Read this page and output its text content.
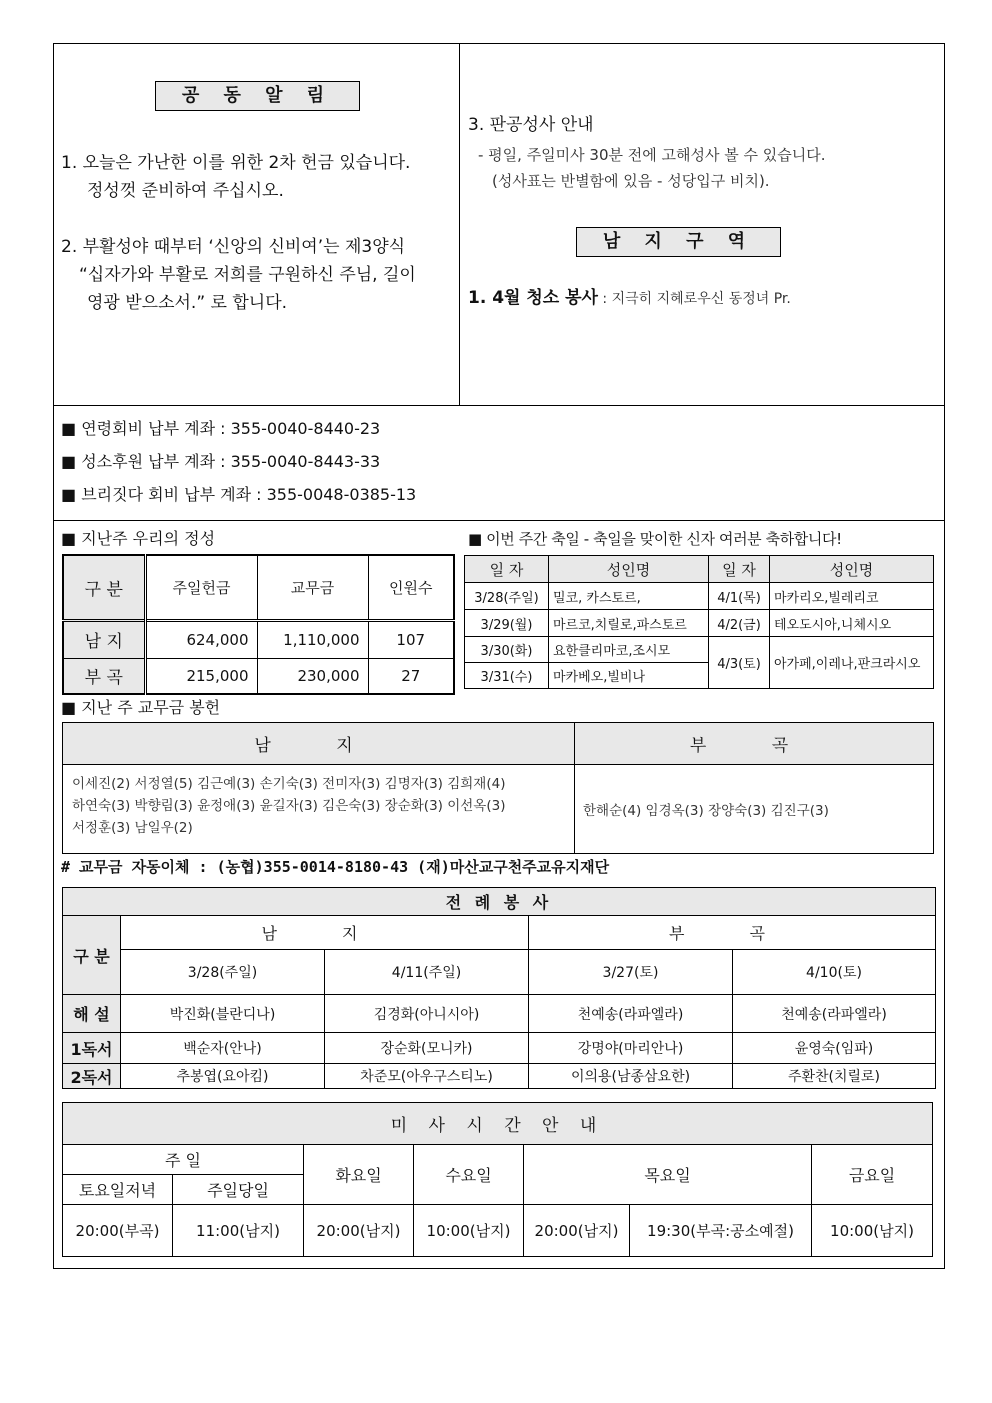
공 동 알 림
1. 오늘은 가난한 이를 위한 2차 헌금 있습니다.
정성껏 준비하여 주십시오.
2. 부활성야 때부터 ‘신앙의 신비여’는 제3양식
“십자가와 부활로 저희를 구원하신 주님, 길이
영광 받으소서.” 로 합니다.
3. 판공성사 안내
- 평일, 주일미사 30분 전에 고해성사 볼 수 있습니다.
(성사표는 반별함에 있음 - 성당입구 비치).
남 지 구 역
1. 4월 청소 봉사 : 지극히 지혜로우신 동정녀 Pr.
■ 연령회비 납부 계좌 : 355-0040-8440-23
■ 성소후원 납부 계좌 : 355-0040-8443-33
■ 브리짓다 회비 납부 계좌 : 355-0048-0385-13
■ 지난주 우리의 정성
구 분	주일헌금	교무금	인원수
남 지	624,000	1,110,000	107
부 곡	215,000	230,000	27
■ 이번 주간 축일 - 축일을 맞이한 신자 여러분 축하합니다!
일 자	성인명	일 자	성인명
3/28(주일)	밀코, 카스토르,	4/1(목)	마카리오,빌레리코
3/29(월)	마르코,치릴로,파스토르	4/2(금)	테오도시아,니체시오
3/30(화)	요한클리마코,조시모	4/3(토)	아가페,이레나,판크라시오
3/31(수)	마카베오,빌비나		
■ 지난 주 교무금 봉헌
남 지	부 곡

이세진(2) 서정열(5) 김근예(3) 손기숙(3) 전미자(3) 김명자(3) 김희재(4)
하연숙(3) 박향림(3) 윤정애(3) 윤길자(3) 김은숙(3) 장순화(3) 이선옥(3)
서정훈(3) 남일우(2)	한해순(4) 임경옥(3) 장양숙(3) 김진구(3)
# 교무금 자동이체 : (농협)355-0014-8180-43 (재)마산교구천주교유지재단
전 례 봉 사				
구 분	남 지		부 곡	
	3/28(주일)	4/11(주일)	3/27(토)	4/10(토)
해 설	박진화(블란디나)	김경화(아니시아)	천예송(라파엘라)	천예송(라파엘라)
1독서	백순자(안나)	장순화(모니카)	강명야(마리안나)	윤영숙(임파)
2독서	추봉엽(요아킴)	차준모(아우구스티노)	이의용(남종삼요한)	주환찬(치릴로)
미 사 시 간 안 내						
주 일		화요일	수요일	목요일		금요일
토요일저녁	주일당일					
20:00(부곡)	11:00(남지)	20:00(남지)	10:00(남지)	20:00(남지)	19:30(부곡:공소예절)	10:00(남지)
